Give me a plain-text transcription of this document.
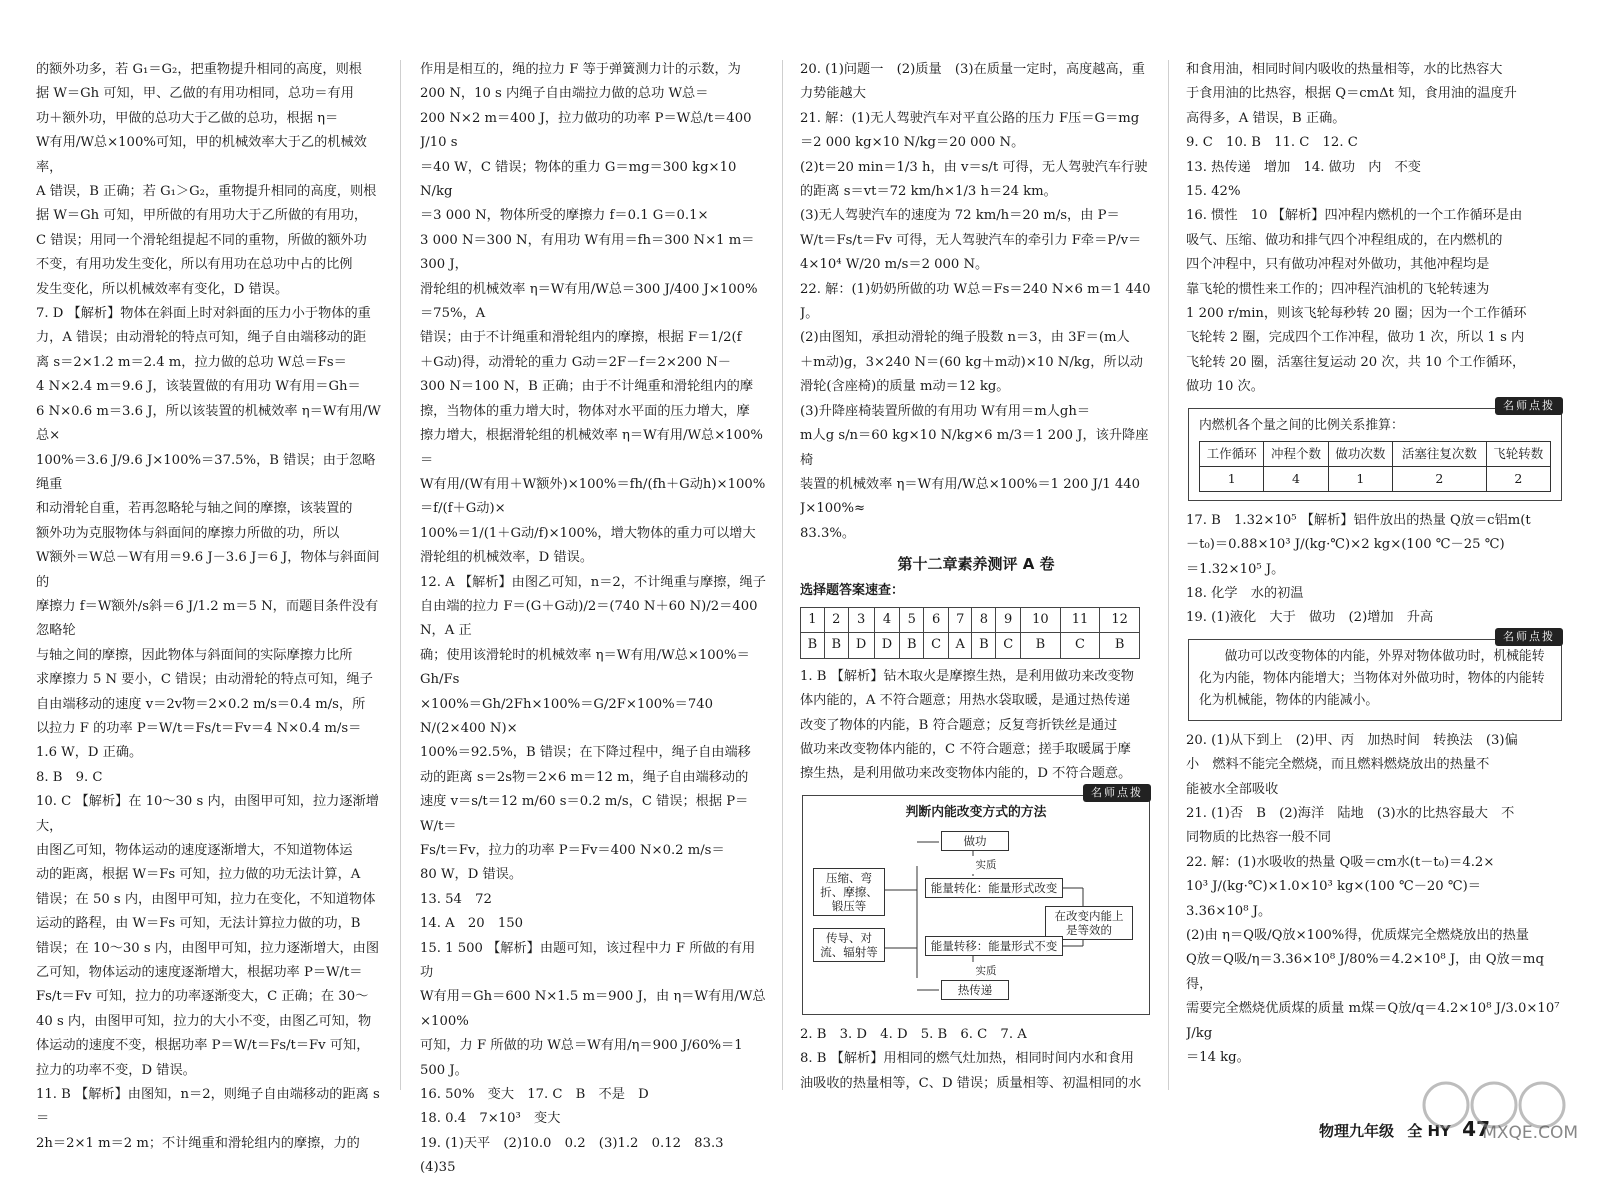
的额外功多，若 G₁＝G₂，把重物提升相同的高度，则根

据 W＝Gh 可知，甲、乙做的有用功相同，总功＝有用

功＋额外功，甲做的总功大于乙做的总功，根据 η＝

W有用/W总×100%可知，甲的机械效率大于乙的机械效率，

A 错误，B 正确；若 G₁＞G₂，重物提升相同的高度，则根

据 W＝Gh 可知，甲所做的有用功大于乙所做的有用功，

C 错误；用同一个滑轮组提起不同的重物，所做的额外功

不变，有用功发生变化，所以有用功在总功中占的比例

发生变化，所以机械效率有变化，D 错误。

7. D 【解析】物体在斜面上时对斜面的压力小于物体的重

力，A 错误；由动滑轮的特点可知，绳子自由端移动的距

离 s＝2×1.2 m＝2.4 m，拉力做的总功 W总＝Fs＝

4 N×2.4 m＝9.6 J，该装置做的有用功 W有用＝Gh＝

6 N×0.6 m＝3.6 J，所以该装置的机械效率 η＝W有用/W总×

100%＝3.6 J/9.6 J×100%＝37.5%，B 错误；由于忽略绳重

和动滑轮自重，若再忽略轮与轴之间的摩擦，该装置的

额外功为克服物体与斜面间的摩擦力所做的功，所以

W额外＝W总－W有用＝9.6 J－3.6 J＝6 J，物体与斜面间的

摩擦力 f＝W额外/s斜＝6 J/1.2 m＝5 N，而题目条件没有忽略轮

与轴之间的摩擦，因此物体与斜面间的实际摩擦力比所

求摩擦力 5 N 要小，C 错误；由动滑轮的特点可知，绳子

自由端移动的速度 v＝2v物＝2×0.2 m/s＝0.4 m/s，所

以拉力 F 的功率 P＝W/t＝Fs/t＝Fv＝4 N×0.4 m/s＝

1.6 W，D 正确。

8. B　9. C

10. C 【解析】在 10～30 s 内，由图甲可知，拉力逐渐增大，

由图乙可知，物体运动的速度逐渐增大，不知道物体运

动的距离，根据 W＝Fs 可知，拉力做的功无法计算，A

错误；在 50 s 内，由图甲可知，拉力在变化，不知道物体

运动的路程，由 W＝Fs 可知，无法计算拉力做的功，B

错误；在 10～30 s 内，由图甲可知，拉力逐渐增大，由图

乙可知，物体运动的速度逐渐增大，根据功率 P＝W/t＝

Fs/t＝Fv 可知，拉力的功率逐渐变大，C 正确；在 30～

40 s 内，由图甲可知，拉力的大小不变，由图乙可知，物

体运动的速度不变，根据功率 P＝W/t＝Fs/t＝Fv 可知，

拉力的功率不变，D 错误。

11. B 【解析】由图知，n＝2，则绳子自由端移动的距离 s＝

2h＝2×1 m＝2 m；不计绳重和滑轮组内的摩擦，力的

作用是相互的，绳的拉力 F 等于弹簧测力计的示数，为

200 N，10 s 内绳子自由端拉力做的总功 W总＝

200 N×2 m＝400 J，拉力做功的功率 P＝W总/t＝400 J/10 s

＝40 W，C 错误；物体的重力 G＝mg＝300 kg×10 N/kg

＝3 000 N，物体所受的摩擦力 f＝0.1 G＝0.1×

3 000 N＝300 N，有用功 W有用＝fh＝300 N×1 m＝300 J，

滑轮组的机械效率 η＝W有用/W总＝300 J/400 J×100%＝75%，A

错误；由于不计绳重和滑轮组内的摩擦，根据 F＝1/2(f

＋G动)得，动滑轮的重力 G动＝2F－f＝2×200 N－

300 N＝100 N，B 正确；由于不计绳重和滑轮组内的摩

擦，当物体的重力增大时，物体对水平面的压力增大，摩

擦力增大，根据滑轮组的机械效率 η＝W有用/W总×100%＝

W有用/(W有用＋W额外)×100%＝fh/(fh＋G动h)×100%＝f/(f＋G动)×

100%＝1/(1＋G动/f)×100%，增大物体的重力可以增大

滑轮组的机械效率，D 错误。

12. A 【解析】由图乙可知，n＝2，不计绳重与摩擦，绳子

自由端的拉力 F＝(G＋G动)/2＝(740 N＋60 N)/2＝400 N，A 正

确；使用该滑轮时的机械效率 η＝W有用/W总×100%＝Gh/Fs

×100%＝Gh/2Fh×100%＝G/2F×100%＝740 N/(2×400 N)×

100%＝92.5%，B 错误；在下降过程中，绳子自由端移

动的距离 s＝2s物＝2×6 m＝12 m，绳子自由端移动的

速度 v＝s/t＝12 m/60 s＝0.2 m/s，C 错误；根据 P＝W/t＝

Fs/t＝Fv，拉力的功率 P＝Fv＝400 N×0.2 m/s＝

80 W，D 错误。

13. 54　72

14. A　20　150

15. 1 500 【解析】由题可知，该过程中力 F 所做的有用功

W有用＝Gh＝600 N×1.5 m＝900 J，由 η＝W有用/W总×100%

可知，力 F 所做的功 W总＝W有用/η＝900 J/60%＝1 500 J。

16. 50%　变大　17. C　B　不是　D

18. 0.4　7×10³　变大

19. (1)天平　(2)10.0　0.2　(3)1.2　0.12　83.3

(4)35

20. (1)问题一　(2)质量　(3)在质量一定时，高度越高，重

力势能越大

21. 解：(1)无人驾驶汽车对平直公路的压力 F压＝G＝mg

＝2 000 kg×10 N/kg＝20 000 N。

(2)t＝20 min＝1/3 h，由 v＝s/t 可得，无人驾驶汽车行驶

的距离 s＝vt＝72 km/h×1/3 h＝24 km。

(3)无人驾驶汽车的速度为 72 km/h＝20 m/s，由 P＝

W/t＝Fs/t＝Fv 可得，无人驾驶汽车的牵引力 F牵＝P/v＝

4×10⁴ W/20 m/s＝2 000 N。

22. 解：(1)奶奶所做的功 W总＝Fs＝240 N×6 m＝1 440 J。

(2)由图知，承担动滑轮的绳子股数 n＝3，由 3F＝(m人

＋m动)g，3×240 N＝(60 kg＋m动)×10 N/kg，所以动

滑轮(含座椅)的质量 m动＝12 kg。

(3)升降座椅装置所做的有用功 W有用＝m人gh＝

m人g s/n＝60 kg×10 N/kg×6 m/3＝1 200 J，该升降座椅

装置的机械效率 η＝W有用/W总×100%＝1 200 J/1 440 J×100%≈

83.3%。

第十二章素养测评 A 卷
选择题答案速查：
1	2	3	4	5	6	7	8	9	10	11	12
B	B	D	D	B	C	A	B	C	B	C	B

1. B 【解析】钻木取火是摩擦生热，是利用做功来改变物

体内能的，A 不符合题意；用热水袋取暖，是通过热传递

改变了物体的内能，B 符合题意；反复弯折铁丝是通过

做功来改变物体内能的，C 不符合题意；搓手取暖属于摩

擦生热，是利用做功来改变物体内能的，D 不符合题意。

名师点拨
判断内能改变方式的方法
做功
压缩、弯折、摩擦、锻压等
实质
能量转化：能量形式改变
在改变内能上是等效的
传导、对流、辐射等	能量转移：能量形式不变
实质
热传递

2. B　3. D　4. D　5. B　6. C　7. A

8. B 【解析】用相同的燃气灶加热，相同时间内水和食用

油吸收的热量相等，C、D 错误；质量相等、初温相同的水

和食用油，相同时间内吸收的热量相等，水的比热容大

于食用油的比热容，根据 Q＝cmΔt 知，食用油的温度升

高得多，A 错误，B 正确。

9. C　10. B　11. C　12. C

13. 热传递　增加　14. 做功　内　不变

15. 42%

16. 惯性　10 【解析】四冲程内燃机的一个工作循环是由

吸气、压缩、做功和排气四个冲程组成的，在内燃机的

四个冲程中，只有做功冲程对外做功，其他冲程均是

靠飞轮的惯性来工作的；四冲程汽油机的飞轮转速为

1 200 r/min，则该飞轮每秒转 20 圈；因为一个工作循环

飞轮转 2 圈，完成四个工作冲程，做功 1 次，所以 1 s 内

飞轮转 20 圈，活塞往复运动 20 次，共 10 个工作循环，

做功 10 次。

名师点拨
内燃机各个量之间的比例关系推算：
工作循环	冲程个数	做功次数	活塞往复次数	飞轮转数
1	4	1	2	2

17. B　1.32×10⁵ 【解析】铝件放出的热量 Q放＝c铝m(t

－t₀)＝0.88×10³ J/(kg·℃)×2 kg×(100 ℃－25 ℃)

＝1.32×10⁵ J。

18. 化学　水的初温

19. (1)液化　大于　做功　(2)增加　升高

名师点拨
做功可以改变物体的内能，外界对物体做功时，机械能转化为内能，物体内能增大；当物体对外做功时，物体的内能转化为机械能，物体的内能减小。

20. (1)从下到上　(2)甲、丙　加热时间　转换法　(3)偏

小　燃料不能完全燃烧，而且燃料燃烧放出的热量不

能被水全部吸收

21. (1)否　B　(2)海洋　陆地　(3)水的比热容最大　不

同物质的比热容一般不同

22. 解：(1)水吸收的热量 Q吸＝cm水(t－t₀)＝4.2×

10³ J/(kg·℃)×1.0×10³ kg×(100 ℃－20 ℃)＝

3.36×10⁸ J。

(2)由 η＝Q吸/Q放×100%得，优质煤完全燃烧放出的热量

Q放＝Q吸/η＝3.36×10⁸ J/80%＝4.2×10⁸ J，由 Q放＝mq 得，

需要完全燃烧优质煤的质量 m煤＝Q放/q＝4.2×10⁸ J/3.0×10⁷ J/kg

＝14 kg。

物理九年级 全 HY 47
MXQE.COM
